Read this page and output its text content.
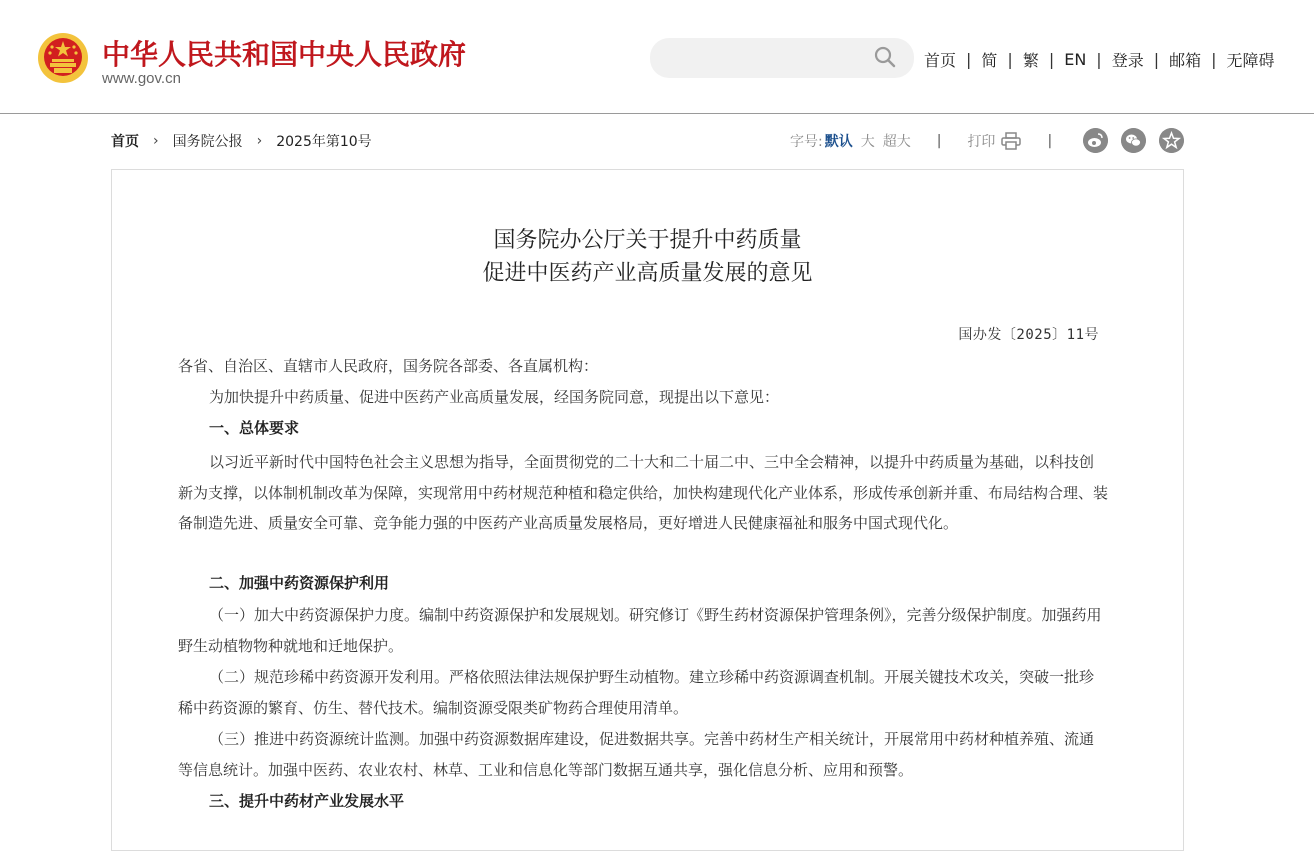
中华人民共和国中央人民政府
www.gov.cn
首页 | 简 | 繁 | EN | 登录 | 邮箱 | 无障碍
首页 › 国务院公报 › 2025年第10号	字号: 默认 大 超大 | 打印	|
国务院办公厅关于提升中药质量
促进中医药产业高质量发展的意见
国办发〔2025〕11号
各省、自治区、直辖市人民政府，国务院各部委、各直属机构：
为加快提升中药质量、促进中医药产业高质量发展，经国务院同意，现提出以下意见：
一、总体要求
以习近平新时代中国特色社会主义思想为指导，全面贯彻党的二十大和二十届二中、三中全会精神，以提升中药质量为基础，以科技创新为支撑，以体制机制改革为保障，实现常用中药材规范种植和稳定供给，加快构建现代化产业体系，形成传承创新并重、布局结构合理、装备制造先进、质量安全可靠、竞争能力强的中医药产业高质量发展格局，更好增进人民健康福祉和服务中国式现代化。
二、加强中药资源保护利用
（一）加大中药资源保护力度。编制中药资源保护和发展规划。研究修订《野生药材资源保护管理条例》，完善分级保护制度。加强药用野生动植物物种就地和迁地保护。
（二）规范珍稀中药资源开发利用。严格依照法律法规保护野生动植物。建立珍稀中药资源调查机制。开展关键技术攻关，突破一批珍稀中药资源的繁育、仿生、替代技术。编制资源受限类矿物药合理使用清单。
（三）推进中药资源统计监测。加强中药资源数据库建设，促进数据共享。完善中药材生产相关统计，开展常用中药材种植养殖、流通等信息统计。加强中医药、农业农村、林草、工业和信息化等部门数据互通共享，强化信息分析、应用和预警。
三、提升中药材产业发展水平
